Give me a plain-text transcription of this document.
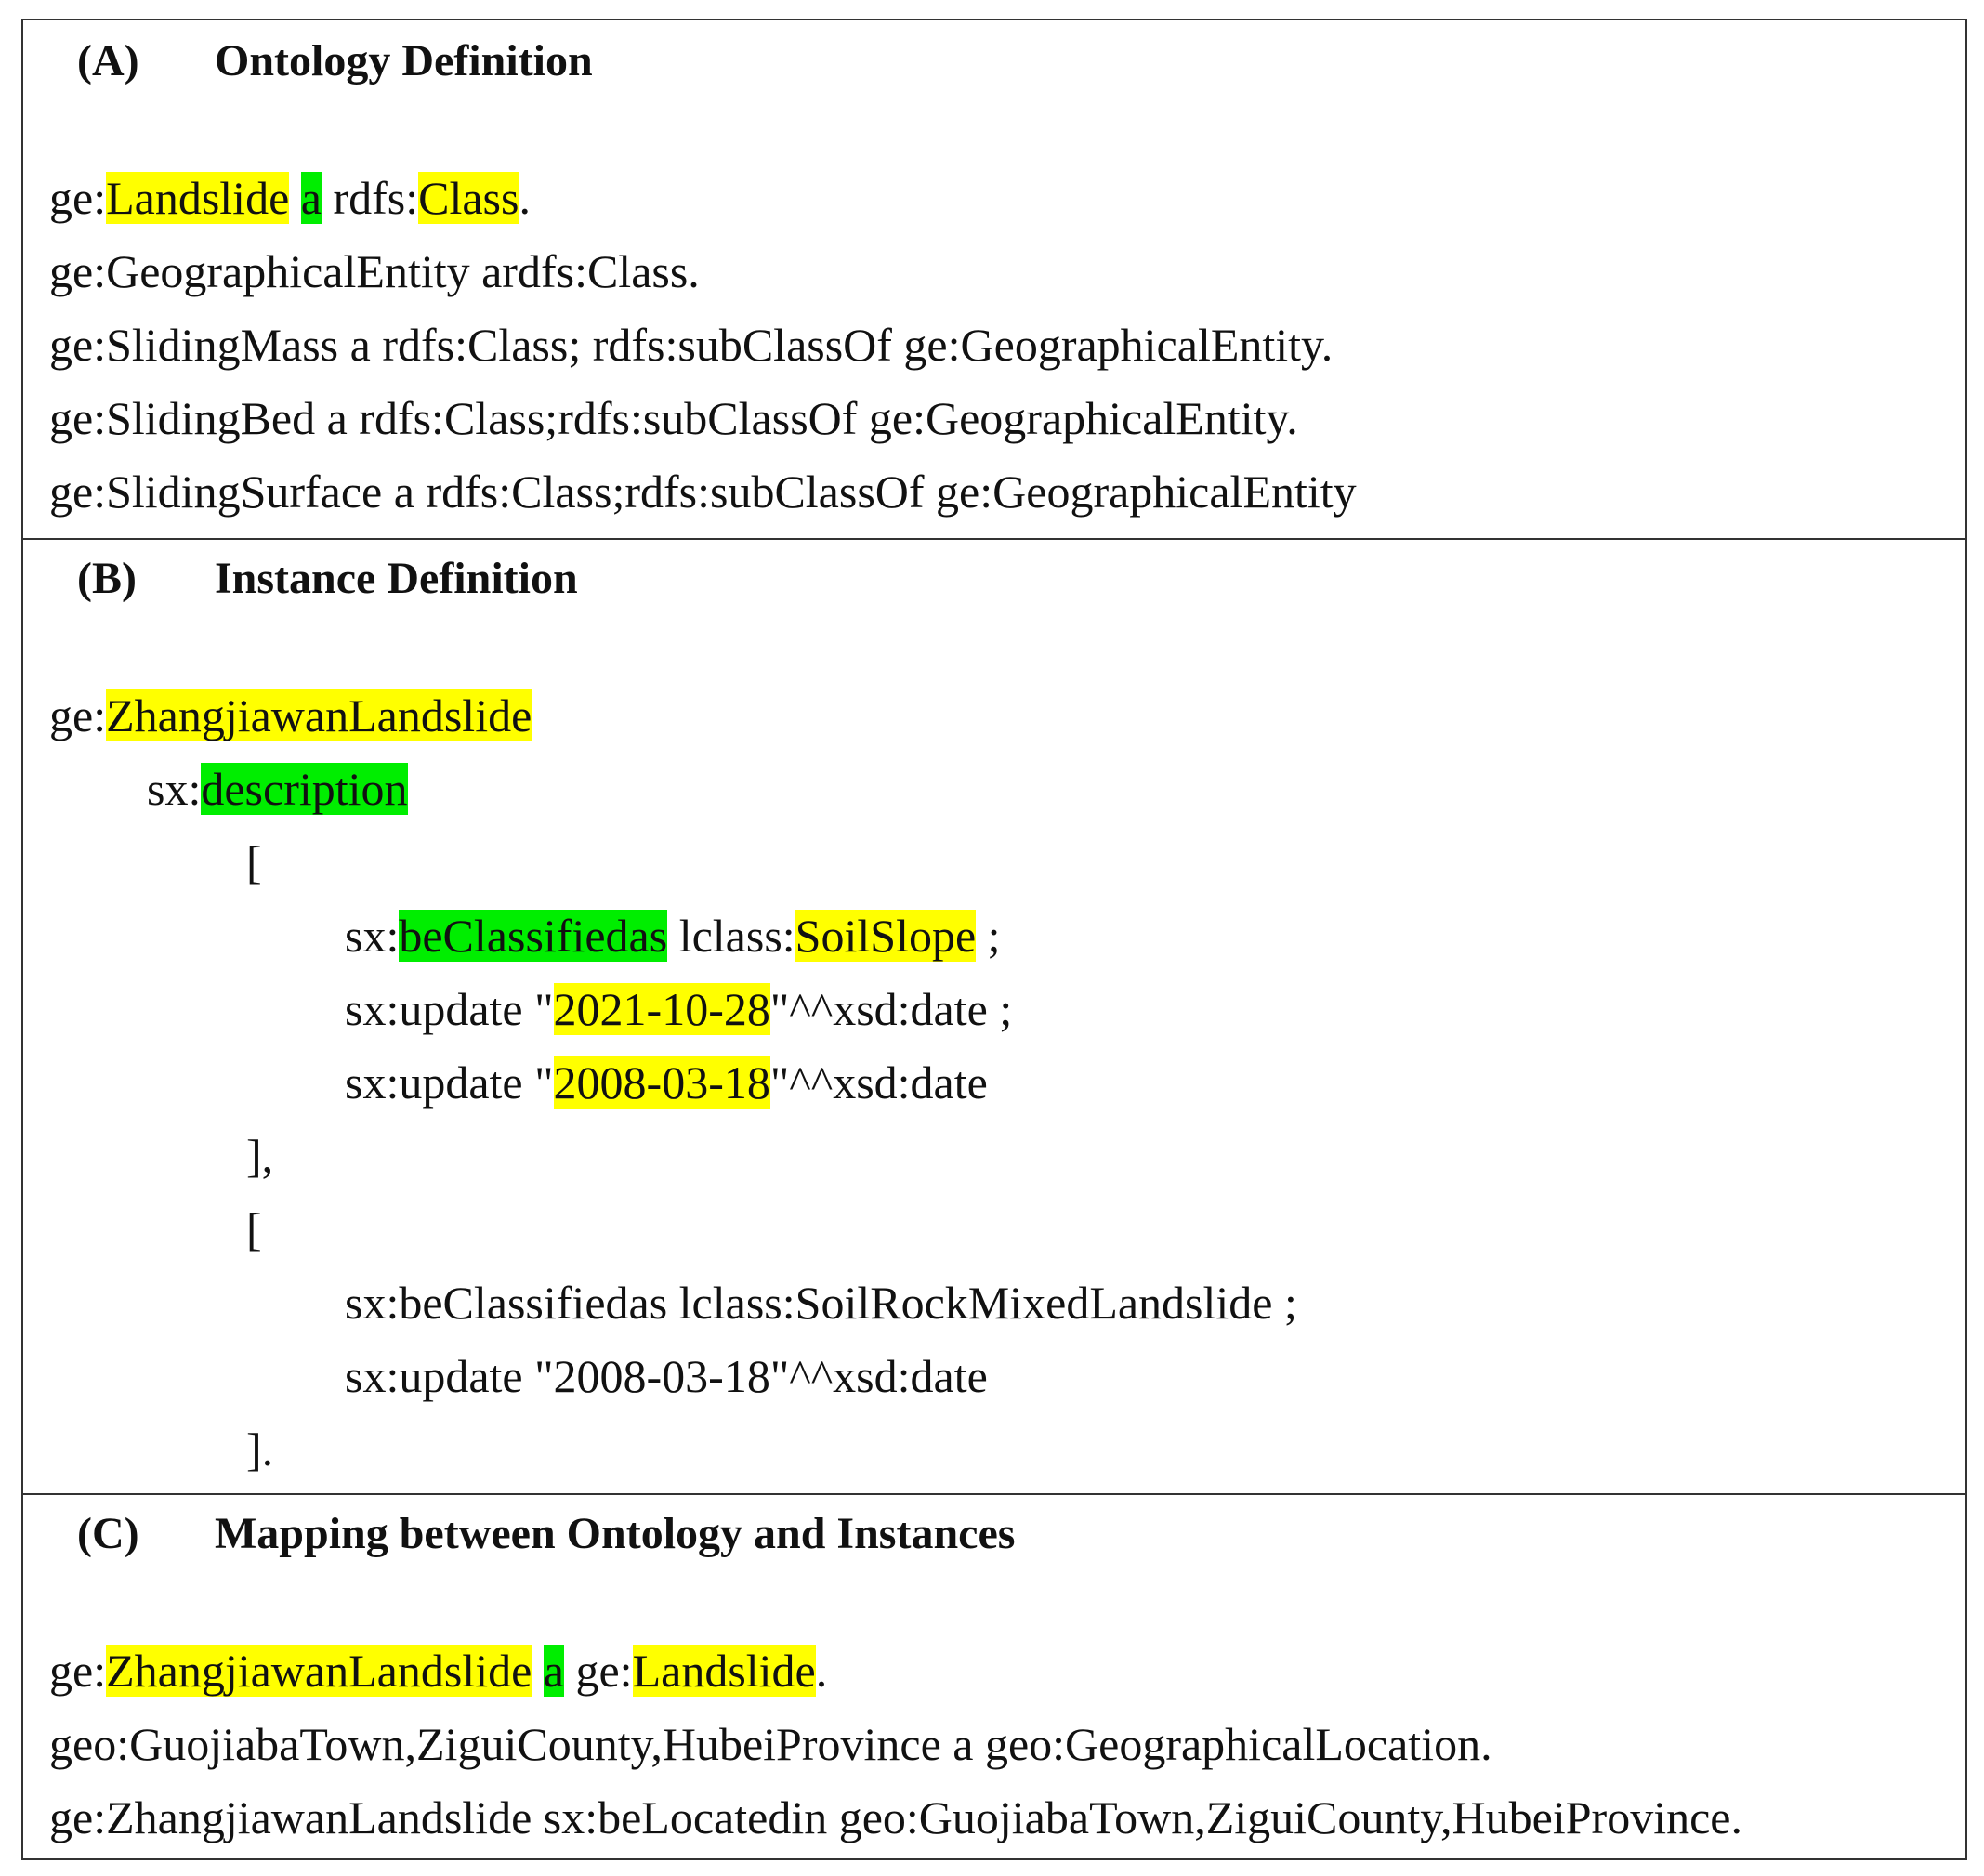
(A) Ontology Definition
ge:Landslide a rdfs:Class.
ge:GeographicalEntity ardfs:Class.
ge:SlidingMass a rdfs:Class; rdfs:subClassOf ge:GeographicalEntity.
ge:SlidingBed a rdfs:Class;rdfs:subClassOf ge:GeographicalEntity.
ge:SlidingSurface a rdfs:Class;rdfs:subClassOf ge:GeographicalEntity
(B) Instance Definition
ge:ZhangjiawanLandslide
sx:description
[
sx:beClassifiedas lclass:SoilSlope ;
sx:update "2021-10-28"^^xsd:date ;
sx:update "2008-03-18"^^xsd:date
],
[
sx:beClassifiedas lclass:SoilRockMixedLandslide ;
sx:update "2008-03-18"^^xsd:date
].
(C) Mapping between Ontology and Instances
ge:ZhangjiawanLandslide a ge:Landslide.
geo:GuojiabaTown,ZiguiCounty,HubeiProvince a geo:GeographicalLocation.
ge:ZhangjiawanLandslide sx:beLocatedin geo:GuojiabaTown,ZiguiCounty,HubeiProvince.
